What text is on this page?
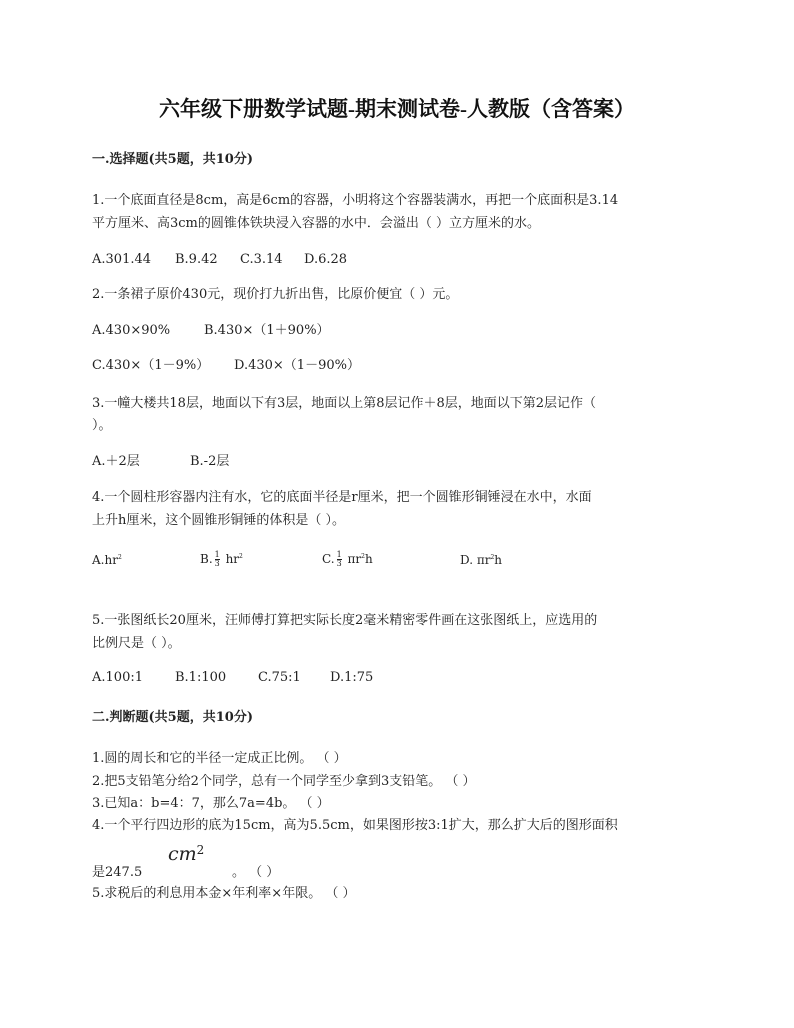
六年级下册数学试题-期末测试卷-人教版（含答案）
一.选择题(共5题，共10分)
1.一个底面直径是8cm，高是6cm的容器，小明将这个容器装满水，再把一个底面积是3.14
平方厘米、高3cm的圆锥体铁块浸入容器的水中．会溢出（ ）立方厘米的水。
A.301.44 B.9.42 C.3.14 D.6.28
2.一条裙子原价430元，现价打九折出售，比原价便宜（ ）元。
A.430×90%	B.430×（1＋90%）
C.430×（1－9%） D.430×（1－90%）
3.一幢大楼共18层，地面以下有3层，地面以上第8层记作＋8层，地面以下第2层记作（
）。
A.＋2层	B.-2层
4.一个圆柱形容器内注有水，它的底面半径是r厘米，把一个圆锥形铜锤浸在水中，水面
上升h厘米，这个圆锥形铜锤的体积是（ ）。
$A.hr^2$	B. $\frac{1}{3} hr^2$	C. $\frac{1}{3} \pi r^2h$	D. $\pi r^2h$
5.一张图纸长20厘米，汪师傅打算把实际长度2毫米精密零件画在这张图纸上，应选用的
比例尺是（ ）。
A.100:1 B.1:100 C.75:1 D.1:75
二.判断题(共5题，共10分)
1.圆的周长和它的半径一定成正比例。 （ ）
2.把5支铅笔分给2个同学，总有一个同学至少拿到3支铅笔。 （ ）
3.已知a：b=4：7，那么7a=4b。 （ ）
4.一个平行四边形的底为15cm，高为5.5cm，如果图形按3:1扩大，那么扩大后的图形面积
是247.5
$cm^2$
。 （ ）
5.求税后的利息用本金×年利率×年限。 （ ）
